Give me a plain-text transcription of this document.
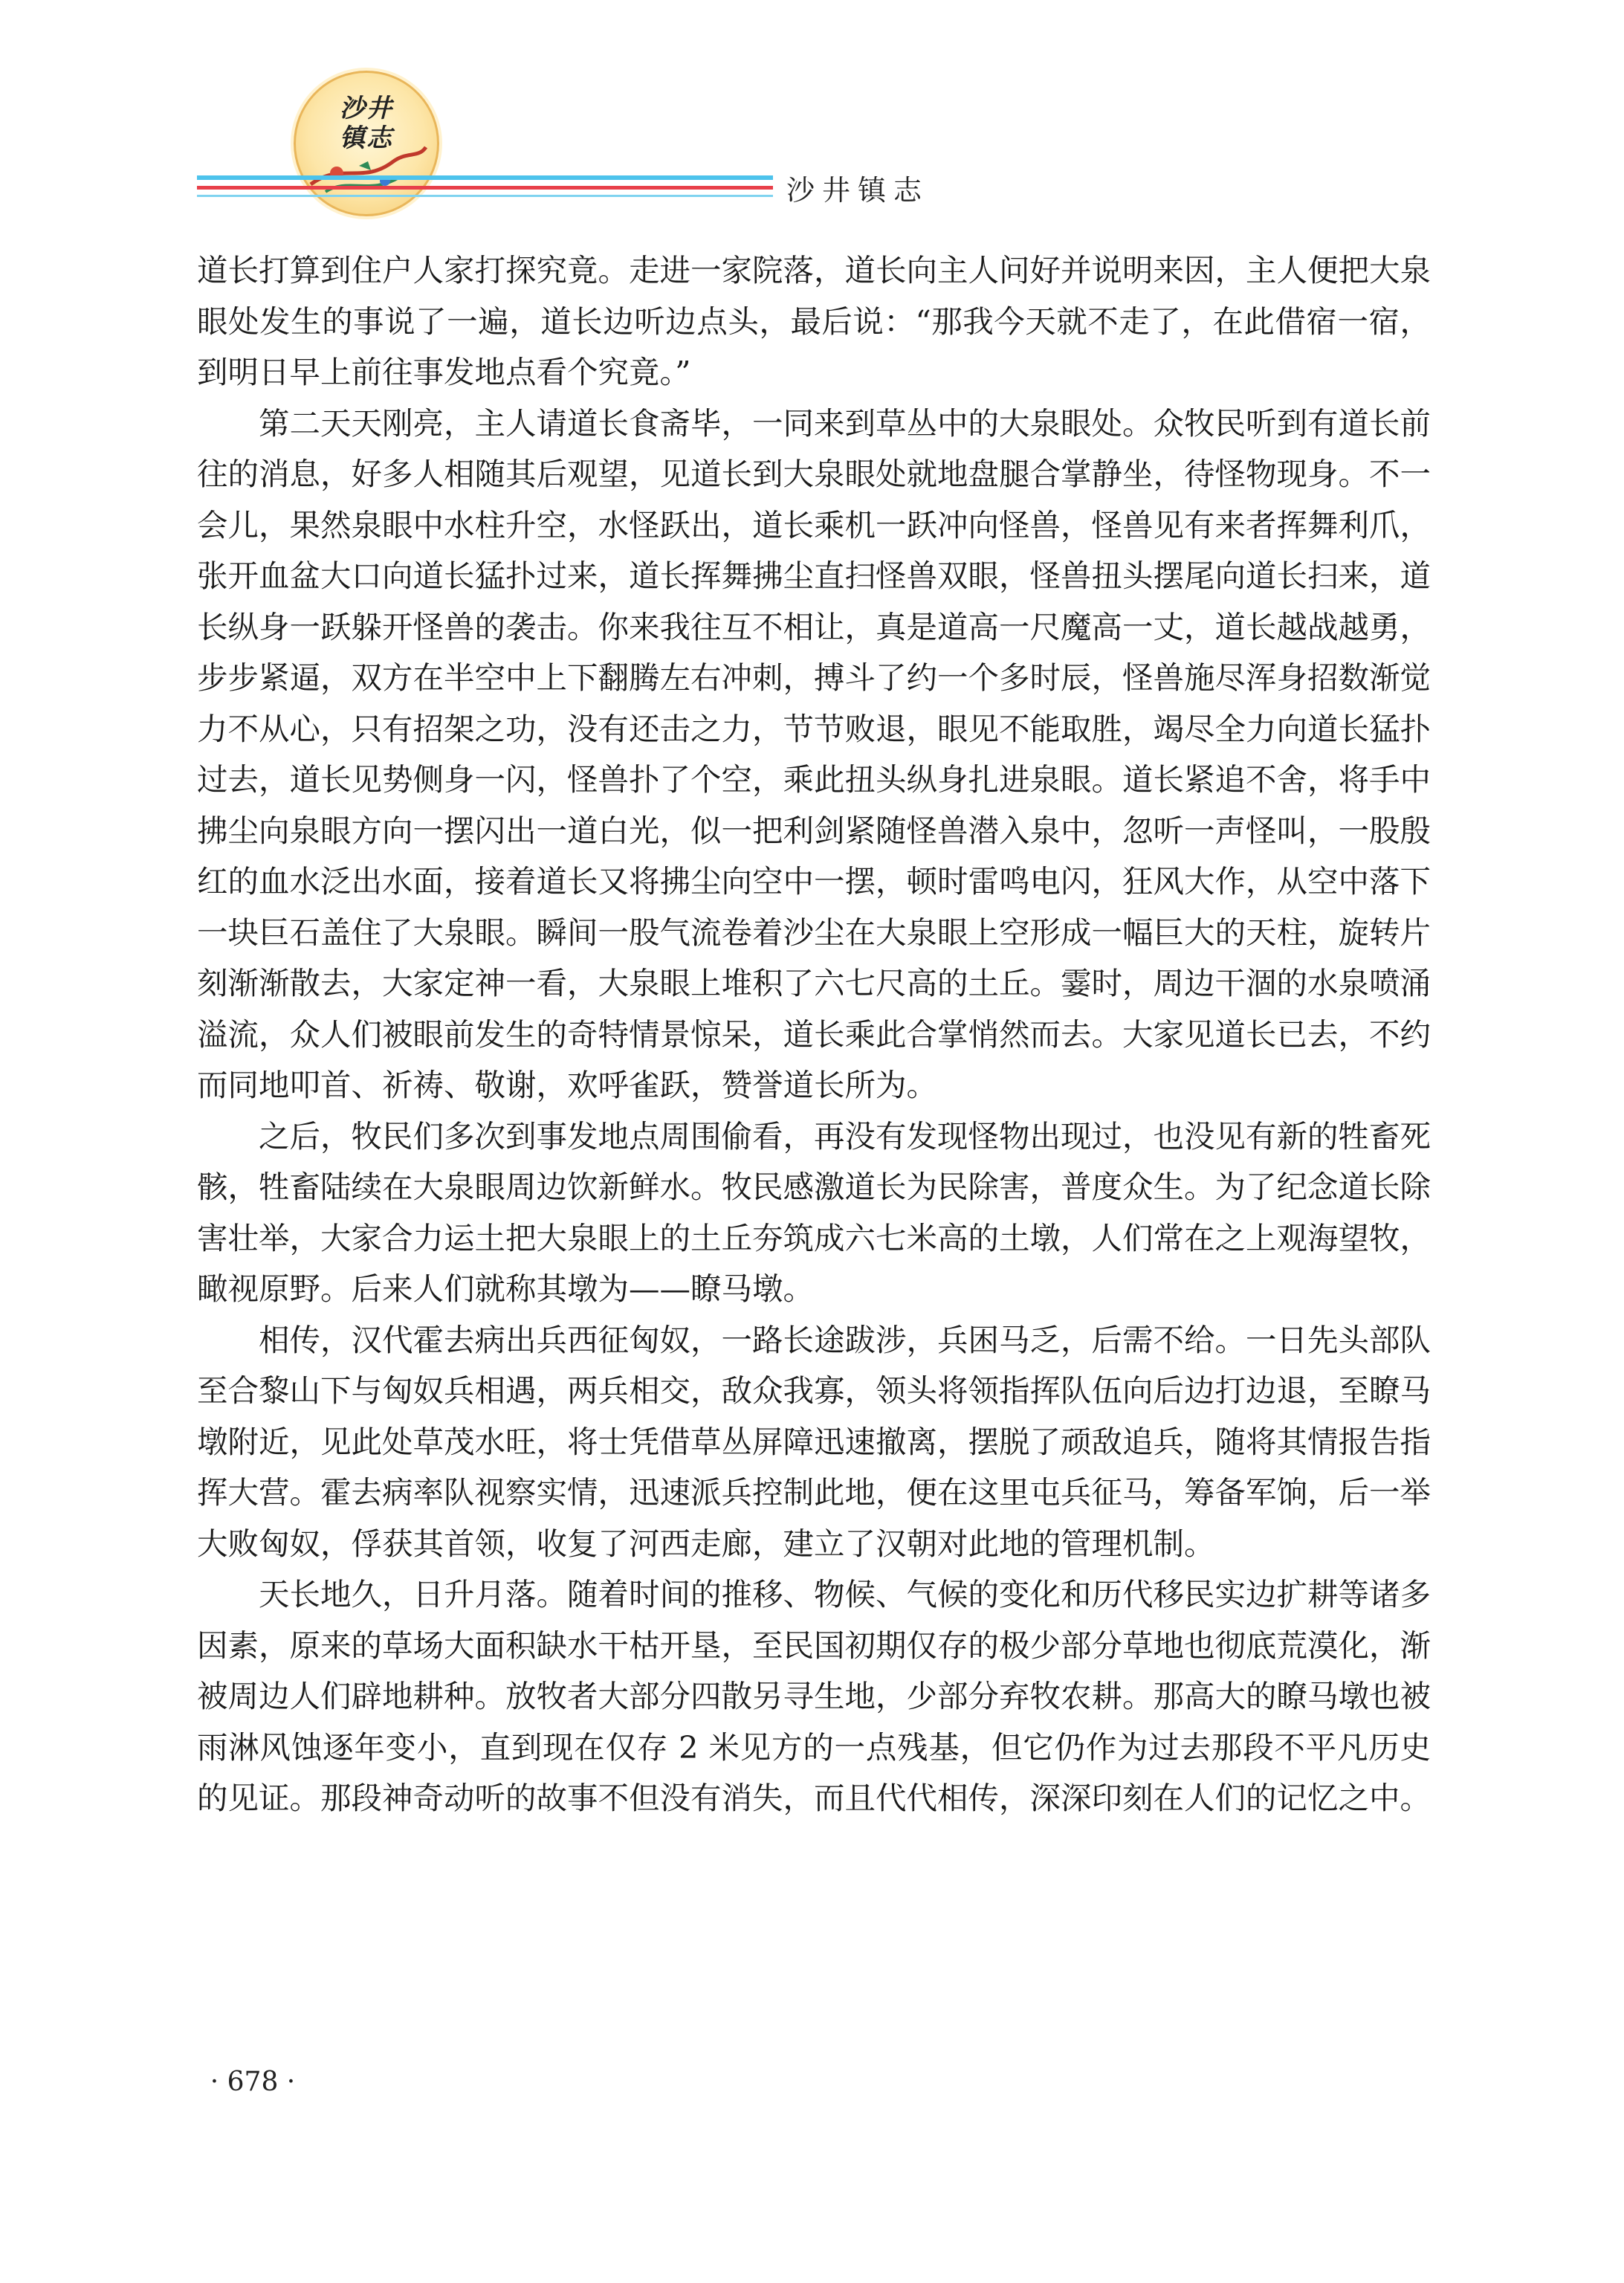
沙井
镇志
沙井镇志

道长打算到住户人家打探究竟。走进一家院落，道长向主人问好并说明来因，主人便把大泉眼处发生的事说了一遍，道长边听边点头，最后说：“那我今天就不走了，在此借宿一宿，到明日早上前往事发地点看个究竟。”

第二天天刚亮，主人请道长食斋毕，一同来到草丛中的大泉眼处。众牧民听到有道长前往的消息，好多人相随其后观望，见道长到大泉眼处就地盘腿合掌静坐，待怪物现身。不一会儿，果然泉眼中水柱升空，水怪跃出，道长乘机一跃冲向怪兽，怪兽见有来者挥舞利爪，张开血盆大口向道长猛扑过来，道长挥舞拂尘直扫怪兽双眼，怪兽扭头摆尾向道长扫来，道长纵身一跃躲开怪兽的袭击。你来我往互不相让，真是道高一尺魔高一丈，道长越战越勇，步步紧逼，双方在半空中上下翻腾左右冲刺，搏斗了约一个多时辰，怪兽施尽浑身招数渐觉力不从心，只有招架之功，没有还击之力，节节败退，眼见不能取胜，竭尽全力向道长猛扑过去，道长见势侧身一闪，怪兽扑了个空，乘此扭头纵身扎进泉眼。道长紧追不舍，将手中拂尘向泉眼方向一摆闪出一道白光，似一把利剑紧随怪兽潜入泉中，忽听一声怪叫，一股殷红的血水泛出水面，接着道长又将拂尘向空中一摆，顿时雷鸣电闪，狂风大作，从空中落下一块巨石盖住了大泉眼。瞬间一股气流卷着沙尘在大泉眼上空形成一幅巨大的天柱，旋转片刻渐渐散去，大家定神一看，大泉眼上堆积了六七尺高的土丘。霎时，周边干涸的水泉喷涌溢流，众人们被眼前发生的奇特情景惊呆，道长乘此合掌悄然而去。大家见道长已去，不约而同地叩首、祈祷、敬谢，欢呼雀跃，赞誉道长所为。

之后，牧民们多次到事发地点周围偷看，再没有发现怪物出现过，也没见有新的牲畜死骸，牲畜陆续在大泉眼周边饮新鲜水。牧民感激道长为民除害，普度众生。为了纪念道长除害壮举，大家合力运土把大泉眼上的土丘夯筑成六七米高的土墩，人们常在之上观海望牧，瞰视原野。后来人们就称其墩为——瞭马墩。

相传，汉代霍去病出兵西征匈奴，一路长途跋涉，兵困马乏，后需不给。一日先头部队至合黎山下与匈奴兵相遇，两兵相交，敌众我寡，领头将领指挥队伍向后边打边退，至瞭马墩附近，见此处草茂水旺，将士凭借草丛屏障迅速撤离，摆脱了顽敌追兵，随将其情报告指挥大营。霍去病率队视察实情，迅速派兵控制此地，便在这里屯兵征马，筹备军饷，后一举大败匈奴，俘获其首领，收复了河西走廊，建立了汉朝对此地的管理机制。

天长地久，日升月落。随着时间的推移、物候、气候的变化和历代移民实边扩耕等诸多因素，原来的草场大面积缺水干枯开垦，至民国初期仅存的极少部分草地也彻底荒漠化，渐被周边人们辟地耕种。放牧者大部分四散另寻生地，少部分弃牧农耕。那高大的瞭马墩也被雨淋风蚀逐年变小，直到现在仅存 2 米见方的一点残基，但它仍作为过去那段不平凡历史的见证。那段神奇动听的故事不但没有消失，而且代代相传，深深印刻在人们的记忆之中。

· 678 ·
